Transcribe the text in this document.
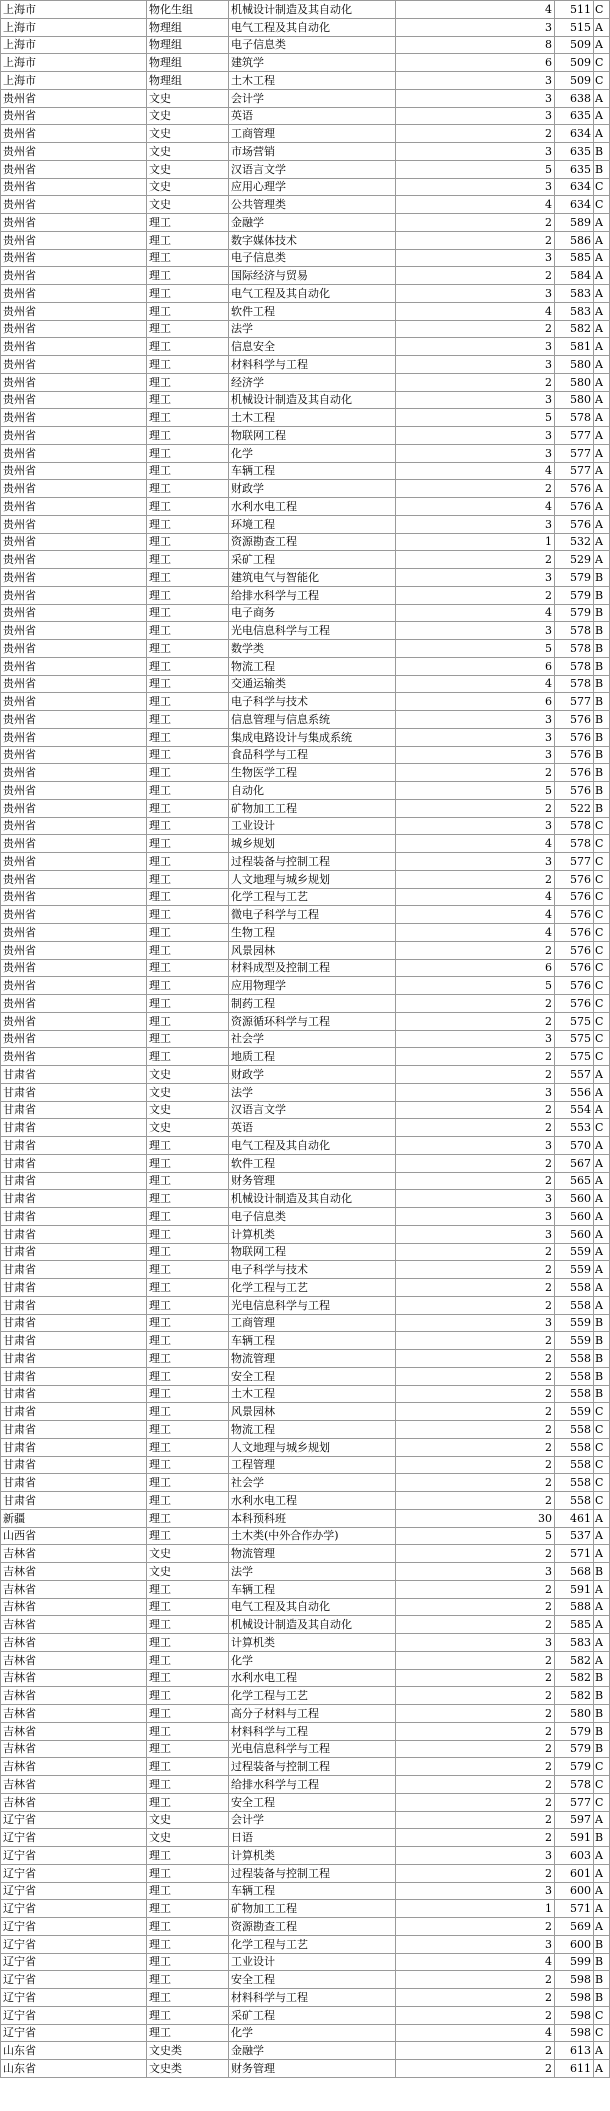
上海市	物化生组	机械设计制造及其自动化	4	511	C
上海市	物理组	电气工程及其自动化	3	515	A
上海市	物理组	电子信息类	8	509	A
上海市	物理组	建筑学	6	509	C
上海市	物理组	土木工程	3	509	C
贵州省	文史	会计学	3	638	A
贵州省	文史	英语	3	635	A
贵州省	文史	工商管理	2	634	A
贵州省	文史	市场营销	3	635	B
贵州省	文史	汉语言文学	5	635	B
贵州省	文史	应用心理学	3	634	C
贵州省	文史	公共管理类	4	634	C
贵州省	理工	金融学	2	589	A
贵州省	理工	数字媒体技术	2	586	A
贵州省	理工	电子信息类	3	585	A
贵州省	理工	国际经济与贸易	2	584	A
贵州省	理工	电气工程及其自动化	3	583	A
贵州省	理工	软件工程	4	583	A
贵州省	理工	法学	2	582	A
贵州省	理工	信息安全	3	581	A
贵州省	理工	材料科学与工程	3	580	A
贵州省	理工	经济学	2	580	A
贵州省	理工	机械设计制造及其自动化	3	580	A
贵州省	理工	土木工程	5	578	A
贵州省	理工	物联网工程	3	577	A
贵州省	理工	化学	3	577	A
贵州省	理工	车辆工程	4	577	A
贵州省	理工	财政学	2	576	A
贵州省	理工	水利水电工程	4	576	A
贵州省	理工	环境工程	3	576	A
贵州省	理工	资源勘查工程	1	532	A
贵州省	理工	采矿工程	2	529	A
贵州省	理工	建筑电气与智能化	3	579	B
贵州省	理工	给排水科学与工程	2	579	B
贵州省	理工	电子商务	4	579	B
贵州省	理工	光电信息科学与工程	3	578	B
贵州省	理工	数学类	5	578	B
贵州省	理工	物流工程	6	578	B
贵州省	理工	交通运输类	4	578	B
贵州省	理工	电子科学与技术	6	577	B
贵州省	理工	信息管理与信息系统	3	576	B
贵州省	理工	集成电路设计与集成系统	3	576	B
贵州省	理工	食品科学与工程	3	576	B
贵州省	理工	生物医学工程	2	576	B
贵州省	理工	自动化	5	576	B
贵州省	理工	矿物加工工程	2	522	B
贵州省	理工	工业设计	3	578	C
贵州省	理工	城乡规划	4	578	C
贵州省	理工	过程装备与控制工程	3	577	C
贵州省	理工	人文地理与城乡规划	2	576	C
贵州省	理工	化学工程与工艺	4	576	C
贵州省	理工	微电子科学与工程	4	576	C
贵州省	理工	生物工程	4	576	C
贵州省	理工	风景园林	2	576	C
贵州省	理工	材料成型及控制工程	6	576	C
贵州省	理工	应用物理学	5	576	C
贵州省	理工	制药工程	2	576	C
贵州省	理工	资源循环科学与工程	2	575	C
贵州省	理工	社会学	3	575	C
贵州省	理工	地质工程	2	575	C
甘肃省	文史	财政学	2	557	A
甘肃省	文史	法学	3	556	A
甘肃省	文史	汉语言文学	2	554	A
甘肃省	文史	英语	2	553	C
甘肃省	理工	电气工程及其自动化	3	570	A
甘肃省	理工	软件工程	2	567	A
甘肃省	理工	财务管理	2	565	A
甘肃省	理工	机械设计制造及其自动化	3	560	A
甘肃省	理工	电子信息类	3	560	A
甘肃省	理工	计算机类	3	560	A
甘肃省	理工	物联网工程	2	559	A
甘肃省	理工	电子科学与技术	2	559	A
甘肃省	理工	化学工程与工艺	2	558	A
甘肃省	理工	光电信息科学与工程	2	558	A
甘肃省	理工	工商管理	3	559	B
甘肃省	理工	车辆工程	2	559	B
甘肃省	理工	物流管理	2	558	B
甘肃省	理工	安全工程	2	558	B
甘肃省	理工	土木工程	2	558	B
甘肃省	理工	风景园林	2	559	C
甘肃省	理工	物流工程	2	558	C
甘肃省	理工	人文地理与城乡规划	2	558	C
甘肃省	理工	工程管理	2	558	C
甘肃省	理工	社会学	2	558	C
甘肃省	理工	水利水电工程	2	558	C
新疆	理工	本科预科班	30	461	A
山西省	理工	土木类(中外合作办学)	5	537	A
吉林省	文史	物流管理	2	571	A
吉林省	文史	法学	3	568	B
吉林省	理工	车辆工程	2	591	A
吉林省	理工	电气工程及其自动化	2	588	A
吉林省	理工	机械设计制造及其自动化	2	585	A
吉林省	理工	计算机类	3	583	A
吉林省	理工	化学	2	582	A
吉林省	理工	水利水电工程	2	582	B
吉林省	理工	化学工程与工艺	2	582	B
吉林省	理工	高分子材料与工程	2	580	B
吉林省	理工	材料科学与工程	2	579	B
吉林省	理工	光电信息科学与工程	2	579	B
吉林省	理工	过程装备与控制工程	2	579	C
吉林省	理工	给排水科学与工程	2	578	C
吉林省	理工	安全工程	2	577	C
辽宁省	文史	会计学	2	597	A
辽宁省	文史	日语	2	591	B
辽宁省	理工	计算机类	3	603	A
辽宁省	理工	过程装备与控制工程	2	601	A
辽宁省	理工	车辆工程	3	600	A
辽宁省	理工	矿物加工工程	1	571	A
辽宁省	理工	资源勘查工程	2	569	A
辽宁省	理工	化学工程与工艺	3	600	B
辽宁省	理工	工业设计	4	599	B
辽宁省	理工	安全工程	2	598	B
辽宁省	理工	材料科学与工程	2	598	B
辽宁省	理工	采矿工程	2	598	C
辽宁省	理工	化学	4	598	C
山东省	文史类	金融学	2	613	A
山东省	文史类	财务管理	2	611	A
